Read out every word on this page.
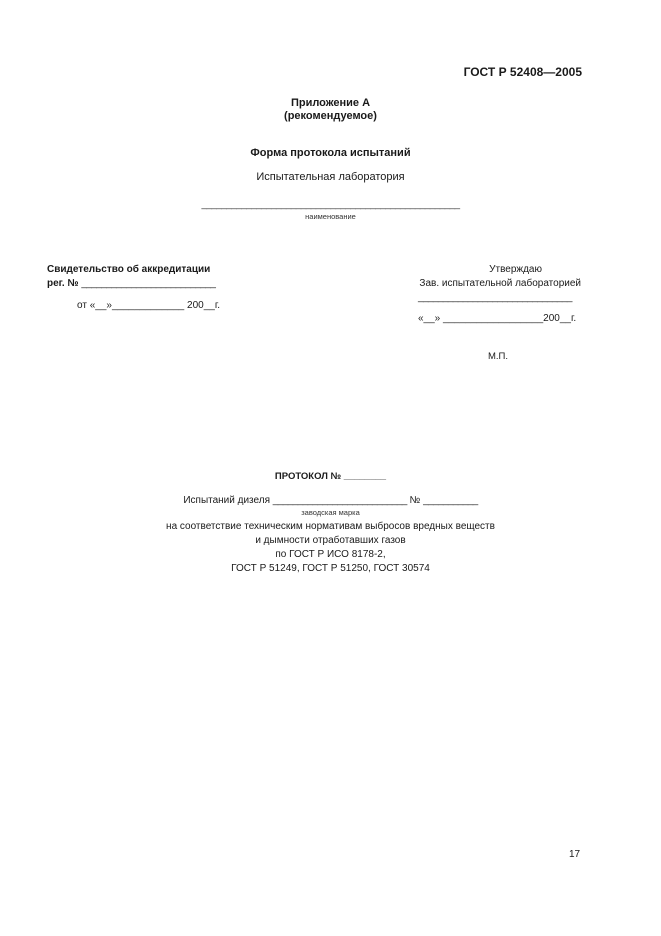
ГОСТ Р 52408—2005
Приложение А
(рекомендуемое)
Форма протокола испытаний
Испытательная лаборатория
____________________________________________________
наименование
Свидетельство об аккредитации
рег. № ___________________________
от «__»_____________ 200__г.
Утверждаю
Зав. испытательной лабораторией
_______________________________
«__» __________________200__г.
М.П.
ПРОТОКОЛ № ________
Испытаний дизеля ___________________________ № ___________
заводская марка
на соответствие техническим нормативам выбросов вредных веществ
и дымности отработавших газов
по ГОСТ Р ИСО 8178-2,
ГОСТ Р 51249, ГОСТ Р 51250, ГОСТ 30574
17
